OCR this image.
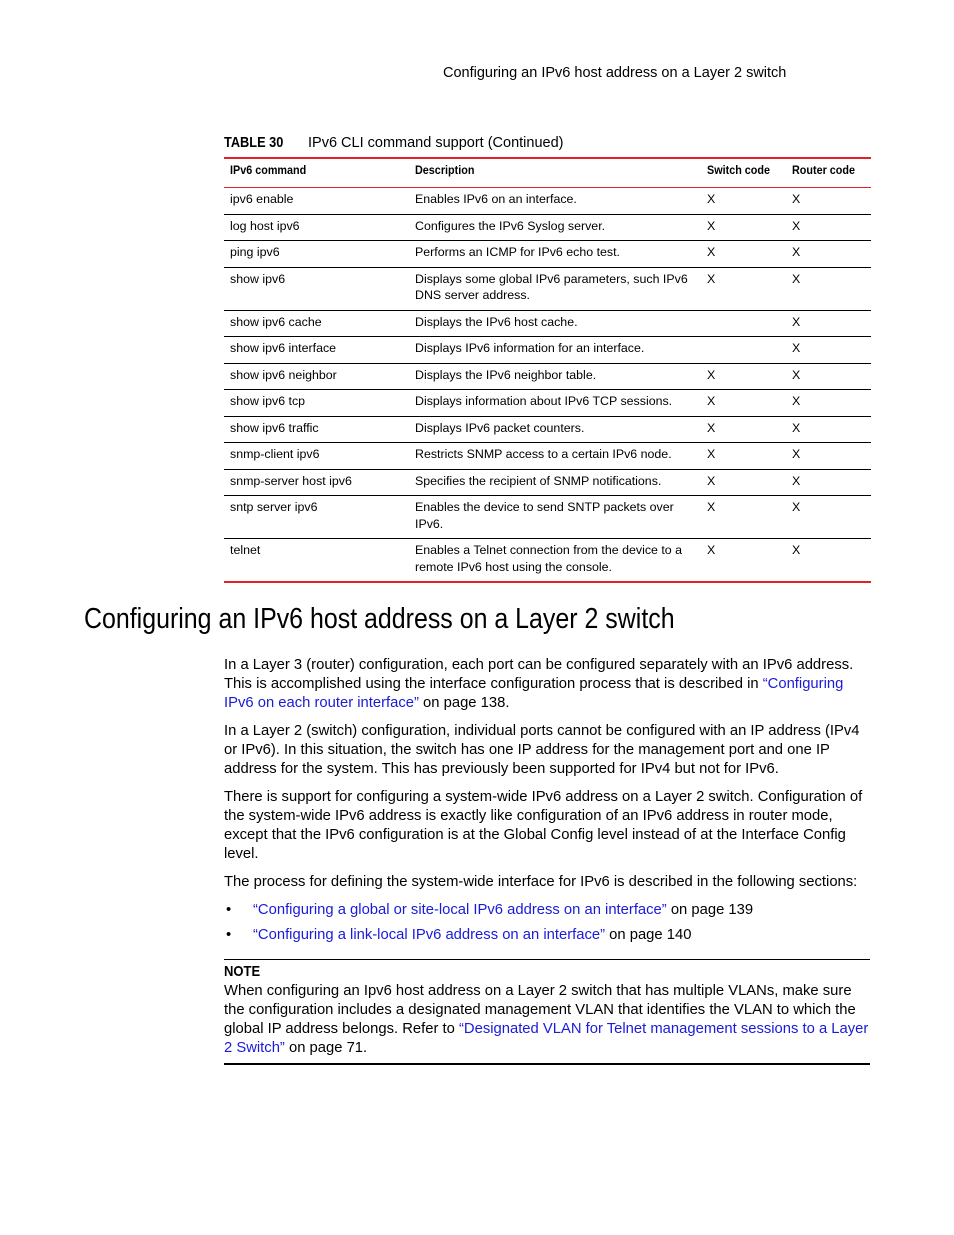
Configuring an IPv6 host address on a Layer 2 switch
TABLE 30 IPv6 CLI command support (Continued)
IPv6 command	Description	Switch code	Router code
ipv6 enable	Enables IPv6 on an interface.	X	X
log host ipv6	Configures the IPv6 Syslog server.	X	X
ping ipv6	Performs an ICMP for IPv6 echo test.	X	X
show ipv6	Displays some global IPv6 parameters, such IPv6 DNS server address.	X	X
show ipv6 cache	Displays the IPv6 host cache.		X
show ipv6 interface	Displays IPv6 information for an interface.		X
show ipv6 neighbor	Displays the IPv6 neighbor table.	X	X
show ipv6 tcp	Displays information about IPv6 TCP sessions.	X	X
show ipv6 traffic	Displays IPv6 packet counters.	X	X
snmp-client ipv6	Restricts SNMP access to a certain IPv6 node.	X	X
snmp-server host ipv6	Specifies the recipient of SNMP notifications.	X	X
sntp server ipv6	Enables the device to send SNTP packets over IPv6.	X	X
telnet	Enables a Telnet connection from the device to a remote IPv6 host using the console.	X	X
Configuring an IPv6 host address on a Layer 2 switch

In a Layer 3 (router) configuration, each port can be configured separately with an IPv6 address. This is accomplished using the interface configuration process that is described in “Configuring IPv6 on each router interface” on page 138.

In a Layer 2 (switch) configuration, individual ports cannot be configured with an IP address (IPv4 or IPv6). In this situation, the switch has one IP address for the management port and one IP address for the system. This has previously been supported for IPv4 but not for IPv6.

There is support for configuring a system-wide IPv6 address on a Layer 2 switch. Configuration of the system-wide IPv6 address is exactly like configuration of an IPv6 address in router mode, except that the IPv6 configuration is at the Global Config level instead of at the Interface Config level.

The process for defining the system-wide interface for IPv6 is described in the following sections:

• “Configuring a global or site-local IPv6 address on an interface” on page 139
• “Configuring a link-local IPv6 address on an interface” on page 140
NOTE
When configuring an Ipv6 host address on a Layer 2 switch that has multiple VLANs, make sure the configuration includes a designated management VLAN that identifies the VLAN to which the global IP address belongs. Refer to “Designated VLAN for Telnet management sessions to a Layer 2 Switch” on page 71.
